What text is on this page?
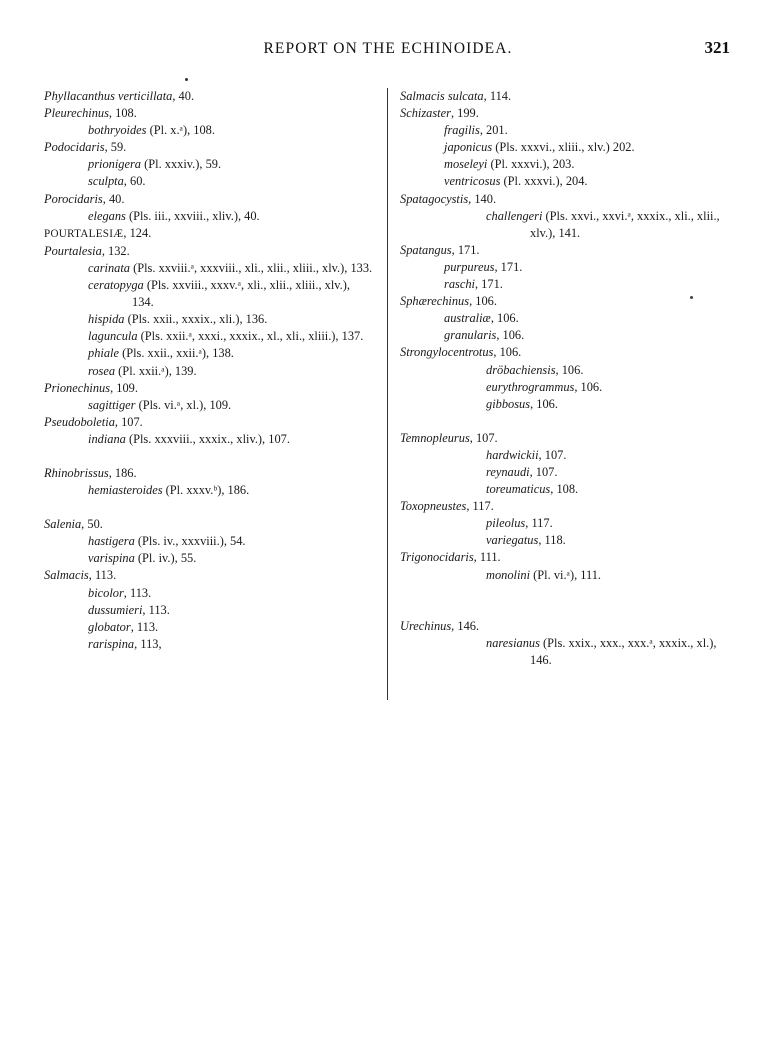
REPORT ON THE ECHINOIDEA.	321
Phyllacanthus verticillata, 40.
Pleurechinus, 108.
bothryoides (Pl. x.ᵃ), 108.
Podocidaris, 59.
prionigera (Pl. xxxiv.), 59.
sculpta, 60.
Porocidaris, 40.
elegans (Pls. iii., xxviii., xliv.), 40.
POURTALESIÆ, 124.
Pourtalesia, 132.
carinata (Pls. xxviii.ᵃ, xxxviii., xli., xlii., xliii., xlv.), 133.
ceratopyga (Pls. xxviii., xxxv.ᵃ, xli., xlii., xliii., xlv.), 134.
hispida (Pls. xxii., xxxix., xli.), 136.
laguncula (Pls. xxii.ᵃ, xxxi., xxxix., xl., xli., xliii.), 137.
phiale (Pls. xxii., xxii.ᵃ), 138.
rosea (Pl. xxii.ᵃ), 139.
Prionechinus, 109.
sagittiger (Pls. vi.ᵃ, xl.), 109.
Pseudoboletia, 107.
indiana (Pls. xxxviii., xxxix., xliv.), 107.
Rhinobrissus, 186.
hemiasteroides (Pl. xxxv.ᵇ), 186.
Salenia, 50.
hastigera (Pls. iv., xxxviii.), 54.
varispina (Pl. iv.), 55.
Salmacis, 113.
bicolor, 113.
dussumieri, 113.
globator, 113.
rarispina, 113,
Salmacis sulcata, 114.
Schizaster, 199.
fragilis, 201.
japonicus (Pls. xxxvi., xliii., xlv.) 202.
moseleyi (Pl. xxxvi.), 203.
ventricosus (Pl. xxxvi.), 204.
Spatagocystis, 140.
challengeri (Pls. xxvi., xxvi.ᵃ, xxxix., xli., xlii., xlv.), 141.
Spatangus, 171.
purpureus, 171.
raschi, 171.
Sphærechinus, 106.
australiæ, 106.
granularis, 106.
Strongylocentrotus, 106.
dröbachiensis, 106.
eurythrogrammus, 106.
gibbosus, 106.
Temnopleurus, 107.
hardwickii, 107.
reynaudi, 107.
toreumaticus, 108.
Toxopneustes, 117.
pileolus, 117.
variegatus, 118.
Trigonocidaris, 111.
monolini (Pl. vi.ᵃ), 111.
Urechinus, 146.
naresianus (Pls. xxix., xxx., xxx.ᵃ, xxxix., xl.), 146.
